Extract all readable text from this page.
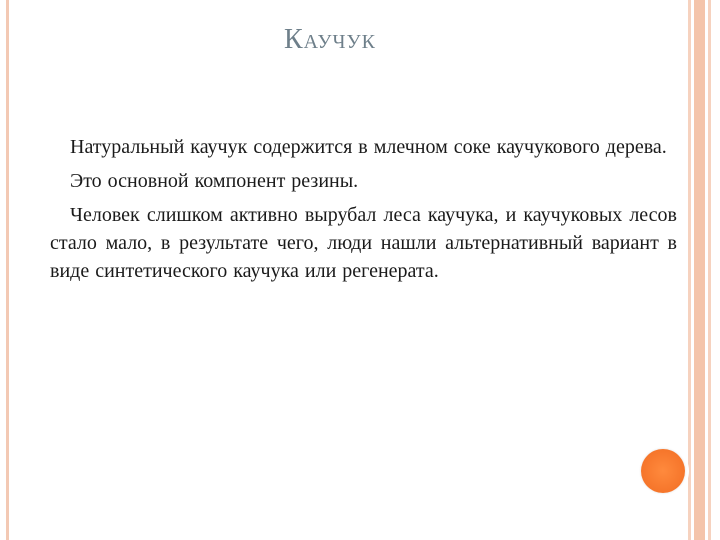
Каучук

Натуральный каучук содержится в млечном соке каучукового дерева.

Это основной компонент резины.

Человек слишком активно вырубал леса каучука, и каучуковых лесов стало мало, в результате чего, люди нашли альтернативный вариант в виде синтетического каучука или регенерата.
